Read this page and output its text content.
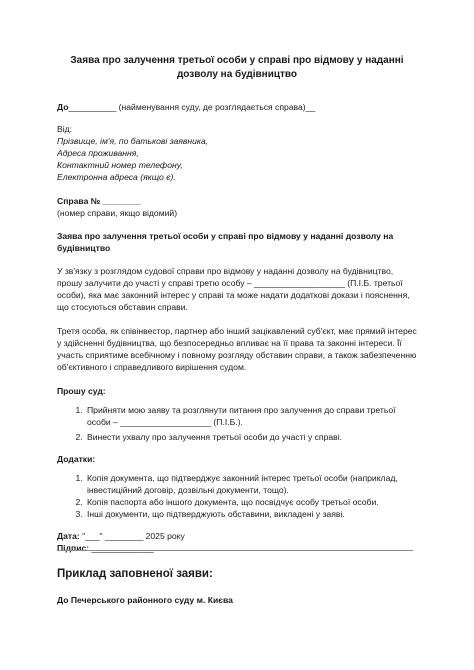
Заява про залучення третьої особи у справі про відмову у наданні дозволу на будівництво

До__________ (найменування суду, де розглядається справа)__

Від:

Прізвище, ім'я, по батькові заявника,

Адреса проживання,

Контактний номер телефону,

Електронна адреса (якщо є).

Справа № ________

(номер справи, якщо відомий)

Заява про залучення третьої особи у справі про відмову у наданні дозволу на будівництво

У зв'язку з розглядом судової справи про відмову у наданні дозволу на будівництво, прошу залучити до участі у справі третю особу – ___________________ (П.І.Б. третьої особи), яка має законний інтерес у справі та може надати додаткові докази і пояснення, що стосуються обставин справи.

Третя особа, як співінвестор, партнер або інший зацікавлений суб'єкт, має прямий інтерес у здійсненні будівництва, що безпосередньо впливає на її права та законні інтереси. Її участь сприятиме всебічному і повному розгляду обставин справи, а також забезпеченню об'єктивного і справедливого вирішення судом.

Прошу суд:

1. Прийняти мою заяву та розглянути питання про залучення до справи третьої особи – ___________________ (П.І.Б.).
2. Винести ухвалу про залучення третьої особи до участі у справі.

Додатки:

1. Копія документа, що підтверджує законний інтерес третьої особи (наприклад, інвестиційний договір, дозвільні документи, тощо).
2. Копія паспорта або іншого документа, що посвідчує особу третьої особи.
3. Інші документи, що підтверджують обставини, викладені у заяві.

Дата: "___" ________ 2025 року

Підпис: _____________

Приклад заповненої заяви:

До Печерського районного суду м. Києва
